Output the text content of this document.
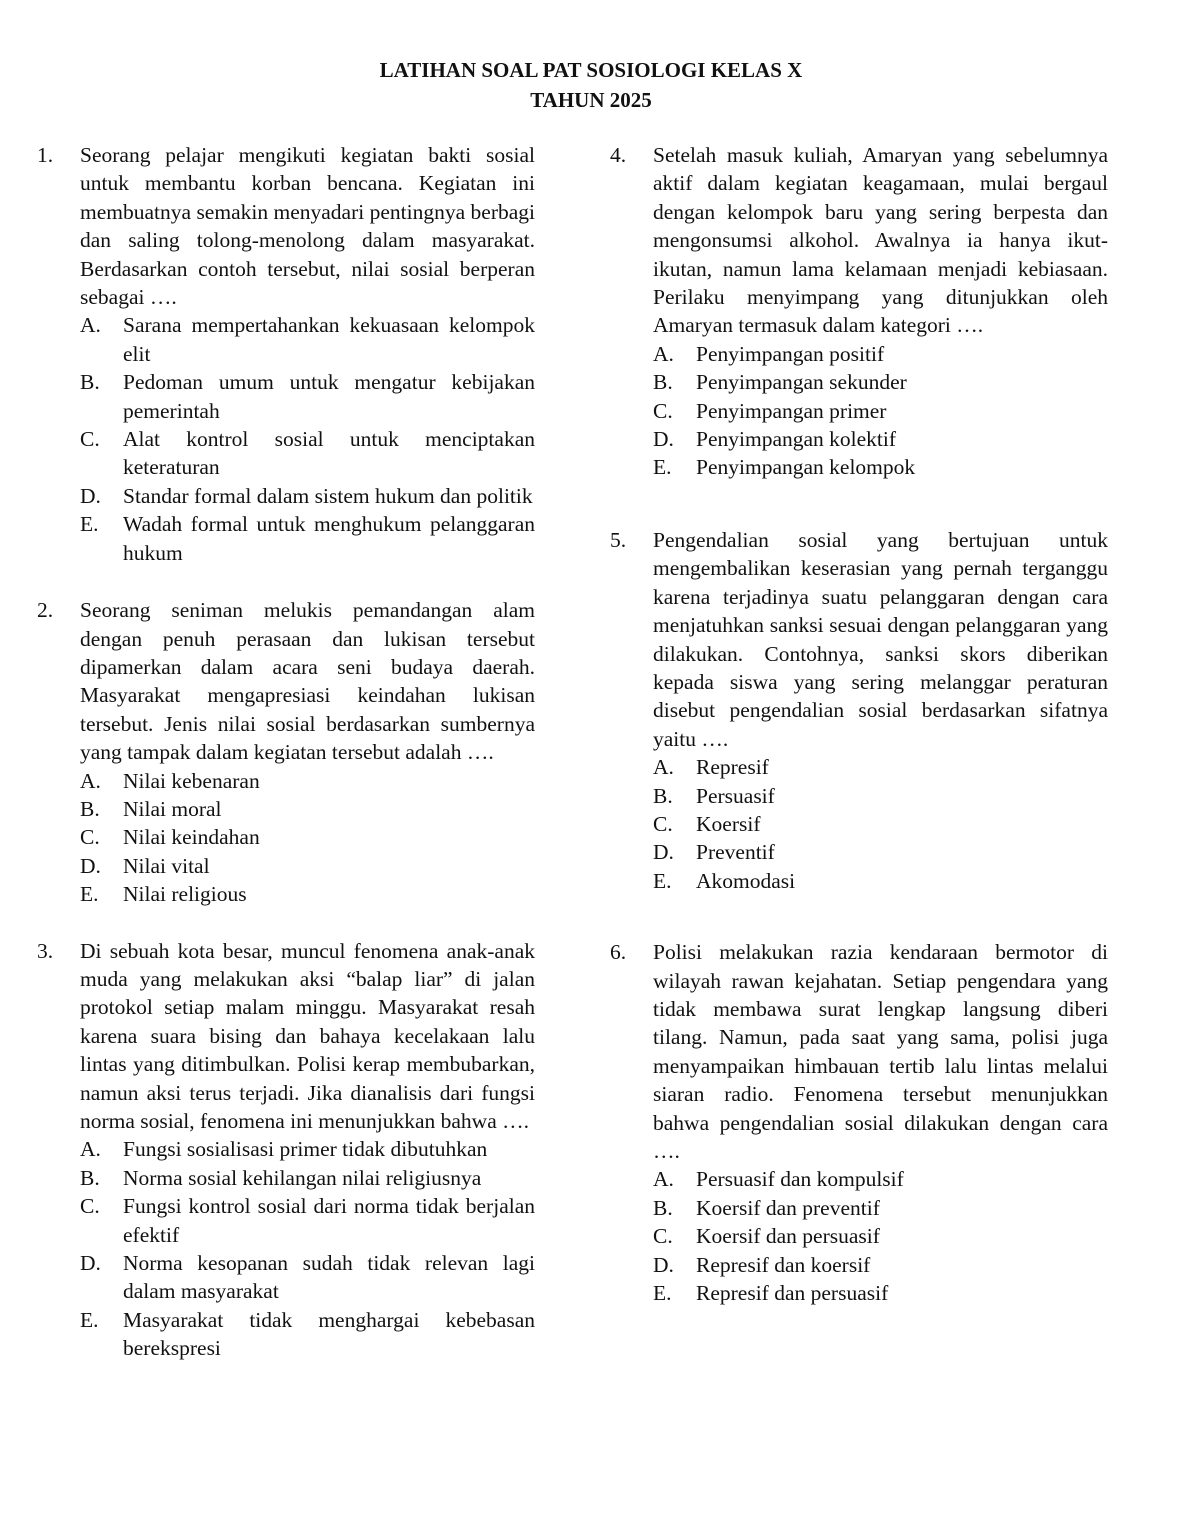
LATIHAN SOAL PAT SOSIOLOGI KELAS X
TAHUN 2025
1. Seorang pelajar mengikuti kegiatan bakti sosial untuk membantu korban bencana. Kegiatan ini membuatnya semakin menyadari pentingnya berbagi dan saling tolong-menolong dalam masyarakat. Berdasarkan contoh tersebut, nilai sosial berperan sebagai ….
A. Sarana mempertahankan kekuasaan kelompok elit
B. Pedoman umum untuk mengatur kebijakan pemerintah
C. Alat kontrol sosial untuk menciptakan keteraturan
D. Standar formal dalam sistem hukum dan politik
E. Wadah formal untuk menghukum pelanggaran hukum
2. Seorang seniman melukis pemandangan alam dengan penuh perasaan dan lukisan tersebut dipamerkan dalam acara seni budaya daerah. Masyarakat mengapresiasi keindahan lukisan tersebut. Jenis nilai sosial berdasarkan sumbernya yang tampak dalam kegiatan tersebut adalah ….
A. Nilai kebenaran
B. Nilai moral
C. Nilai keindahan
D. Nilai vital
E. Nilai religious
3. Di sebuah kota besar, muncul fenomena anak-anak muda yang melakukan aksi “balap liar” di jalan protokol setiap malam minggu. Masyarakat resah karena suara bising dan bahaya kecelakaan lalu lintas yang ditimbulkan. Polisi kerap membubarkan, namun aksi terus terjadi. Jika dianalisis dari fungsi norma sosial, fenomena ini menunjukkan bahwa ….
A. Fungsi sosialisasi primer tidak dibutuhkan
B. Norma sosial kehilangan nilai religiusnya
C. Fungsi kontrol sosial dari norma tidak berjalan efektif
D. Norma kesopanan sudah tidak relevan lagi dalam masyarakat
E. Masyarakat tidak menghargai kebebasan berekspresi
4. Setelah masuk kuliah, Amaryan yang sebelumnya aktif dalam kegiatan keagamaan, mulai bergaul dengan kelompok baru yang sering berpesta dan mengonsumsi alkohol. Awalnya ia hanya ikut-ikutan, namun lama kelamaan menjadi kebiasaan. Perilaku menyimpang yang ditunjukkan oleh Amaryan termasuk dalam kategori ….
A. Penyimpangan positif
B. Penyimpangan sekunder
C. Penyimpangan primer
D. Penyimpangan kolektif
E. Penyimpangan kelompok
5. Pengendalian sosial yang bertujuan untuk mengembalikan keserasian yang pernah terganggu karena terjadinya suatu pelanggaran dengan cara menjatuhkan sanksi sesuai dengan pelanggaran yang dilakukan. Contohnya, sanksi skors diberikan kepada siswa yang sering melanggar peraturan disebut pengendalian sosial berdasarkan sifatnya yaitu ….
A. Represif
B. Persuasif
C. Koersif
D. Preventif
E. Akomodasi
6. Polisi melakukan razia kendaraan bermotor di wilayah rawan kejahatan. Setiap pengendara yang tidak membawa surat lengkap langsung diberi tilang. Namun, pada saat yang sama, polisi juga menyampaikan himbauan tertib lalu lintas melalui siaran radio. Fenomena tersebut menunjukkan bahwa pengendalian sosial dilakukan dengan cara ….
A. Persuasif dan kompulsif
B. Koersif dan preventif
C. Koersif dan persuasif
D. Represif dan koersif
E. Represif dan persuasif
